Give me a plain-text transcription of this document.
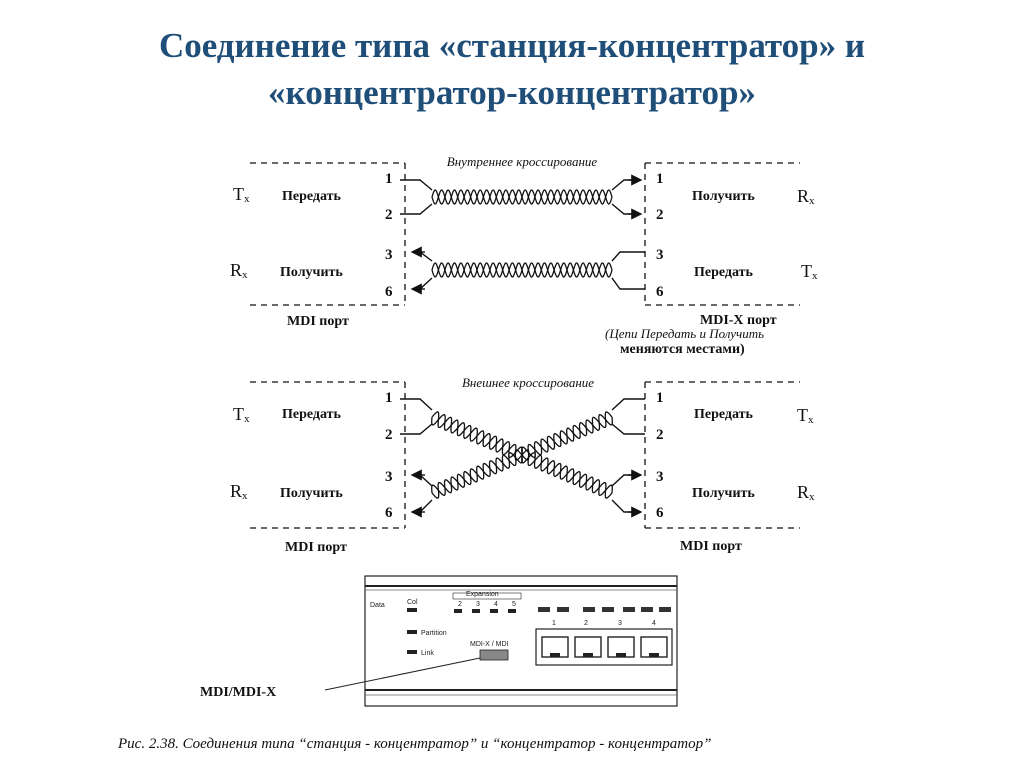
Соединение типа «станция-концентратор» и
«концентратор-концентратор»
Внутреннее кроссирование
Tx Передать
Rx Получить
MDI порт
1
2
3
6
1
2
3
6
Получить Rx
Передать	Tx
MDI-X порт
(Цепи Передать и Получить
меняются местами)
Внешнее кроссирование
Tx Передать
Rx Получить
MDI порт
1
2
3
6
1
2
3
6
Передать Tx
Получить Rx
MDI порт
Data	Col
Expansion
2 3 4 5
Partition
Link
MDI-X / MDI
1	2	3	4
MDI/MDI-X
Рис. 2.38. Соединения типа “станция - концентратор” и “концентратор - концентратор”
